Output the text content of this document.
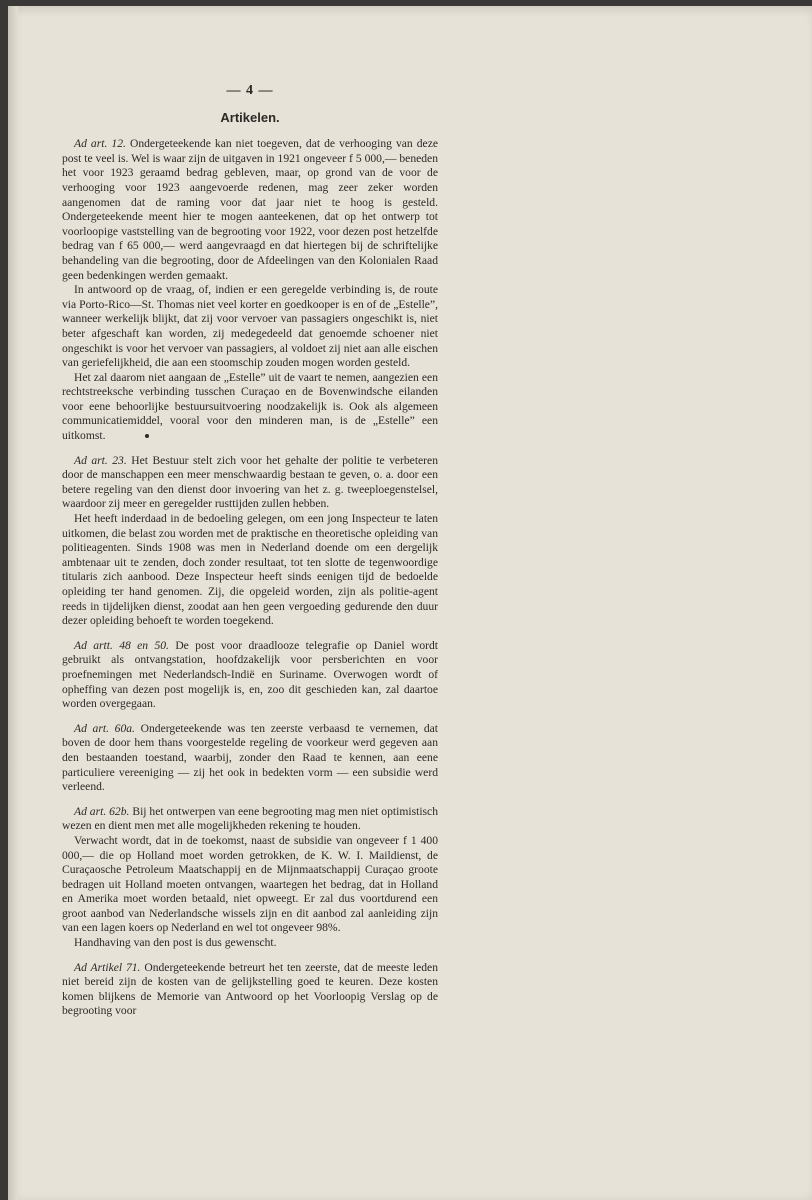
— 4 —
Artikelen.

Ad art. 12. Ondergeteekende kan niet toegeven, dat de verhooging van deze post te veel is. Wel is waar zijn de uitgaven in 1921 ongeveer f 5 000,— beneden het voor 1923 geraamd bedrag gebleven, maar, op grond van de voor de verhooging voor 1923 aangevoerde redenen, mag zeer zeker worden aangenomen dat de raming voor dat jaar niet te hoog is gesteld. Ondergeteekende meent hier te mogen aanteekenen, dat op het ontwerp tot voorloopige vaststelling van de begrooting voor 1922, voor dezen post hetzelfde bedrag van f 65 000,— werd aangevraagd en dat hiertegen bij de schriftelijke behandeling van die begrooting, door de Afdeelingen van den Kolonialen Raad geen bedenkingen werden gemaakt.

In antwoord op de vraag, of, indien er een geregelde verbinding is, de route via Porto-Rico—St. Thomas niet veel korter en goedkooper is en of de „Estelle”, wanneer werkelijk blijkt, dat zij voor vervoer van passagiers ongeschikt is, niet beter afgeschaft kan worden, zij medegedeeld dat genoemde schoener niet ongeschikt is voor het vervoer van passagiers, al voldoet zij niet aan alle eischen van geriefelijkheid, die aan een stoomschip zouden mogen worden gesteld.

Het zal daarom niet aangaan de „Estelle” uit de vaart te nemen, aangezien een rechtstreeksche verbinding tusschen Curaçao en de Bovenwindsche eilanden voor eene behoorlijke bestuursuitvoering noodzakelijk is. Ook als algemeen communicatiemiddel, vooral voor den minderen man, is de „Estelle” een uitkomst.

Ad art. 23. Het Bestuur stelt zich voor het gehalte der politie te verbeteren door de manschappen een meer menschwaardig bestaan te geven, o. a. door een betere regeling van den dienst door invoering van het z. g. tweeploegenstelsel, waardoor zij meer en geregelder rusttijden zullen hebben.

Het heeft inderdaad in de bedoeling gelegen, om een jong Inspecteur te laten uitkomen, die belast zou worden met de praktische en theoretische opleiding van politieagenten. Sinds 1908 was men in Nederland doende om een dergelijk ambtenaar uit te zenden, doch zonder resultaat, tot ten slotte de tegenwoordige titularis zich aanbood. Deze Inspecteur heeft sinds eenigen tijd de bedoelde opleiding ter hand genomen. Zij, die opgeleid worden, zijn als politie-agent reeds in tijdelijken dienst, zoodat aan hen geen vergoeding gedurende den duur dezer opleiding behoeft te worden toegekend.

Ad artt. 48 en 50. De post voor draadlooze telegrafie op Daniel wordt gebruikt als ontvangstation, hoofdzakelijk voor persberichten en voor proefnemingen met Nederlandsch-Indië en Suriname. Overwogen wordt of opheffing van dezen post mogelijk is, en, zoo dit geschieden kan, zal daartoe worden overgegaan.

Ad art. 60a. Ondergeteekende was ten zeerste verbaasd te vernemen, dat boven de door hem thans voorgestelde regeling de voorkeur werd gegeven aan den bestaanden toestand, waarbij, zonder den Raad te kennen, aan eene particuliere vereeniging — zij het ook in bedekten vorm — een subsidie werd verleend.

Ad art. 62b. Bij het ontwerpen van eene begrooting mag men niet optimistisch wezen en dient men met alle mogelijkheden rekening te houden.

Verwacht wordt, dat in de toekomst, naast de subsidie van ongeveer f 1 400 000,— die op Holland moet worden getrokken, de K. W. I. Maildienst, de Curaçaosche Petroleum Maatschappij en de Mijnmaatschappij Curaçao groote bedragen uit Holland moeten ontvangen, waartegen het bedrag, dat in Holland en Amerika moet worden betaald, niet opweegt. Er zal dus voortdurend een groot aanbod van Nederlandsche wissels zijn en dit aanbod zal aanleiding zijn van een lagen koers op Nederland en wel tot ongeveer 98%.

Handhaving van den post is dus gewenscht.

Ad Artikel 71. Ondergeteekende betreurt het ten zeerste, dat de meeste leden niet bereid zijn de kosten van de gelijkstelling goed te keuren. Deze kosten komen blijkens de Memorie van Antwoord op het Voorloopig Verslag op de begrooting voor
